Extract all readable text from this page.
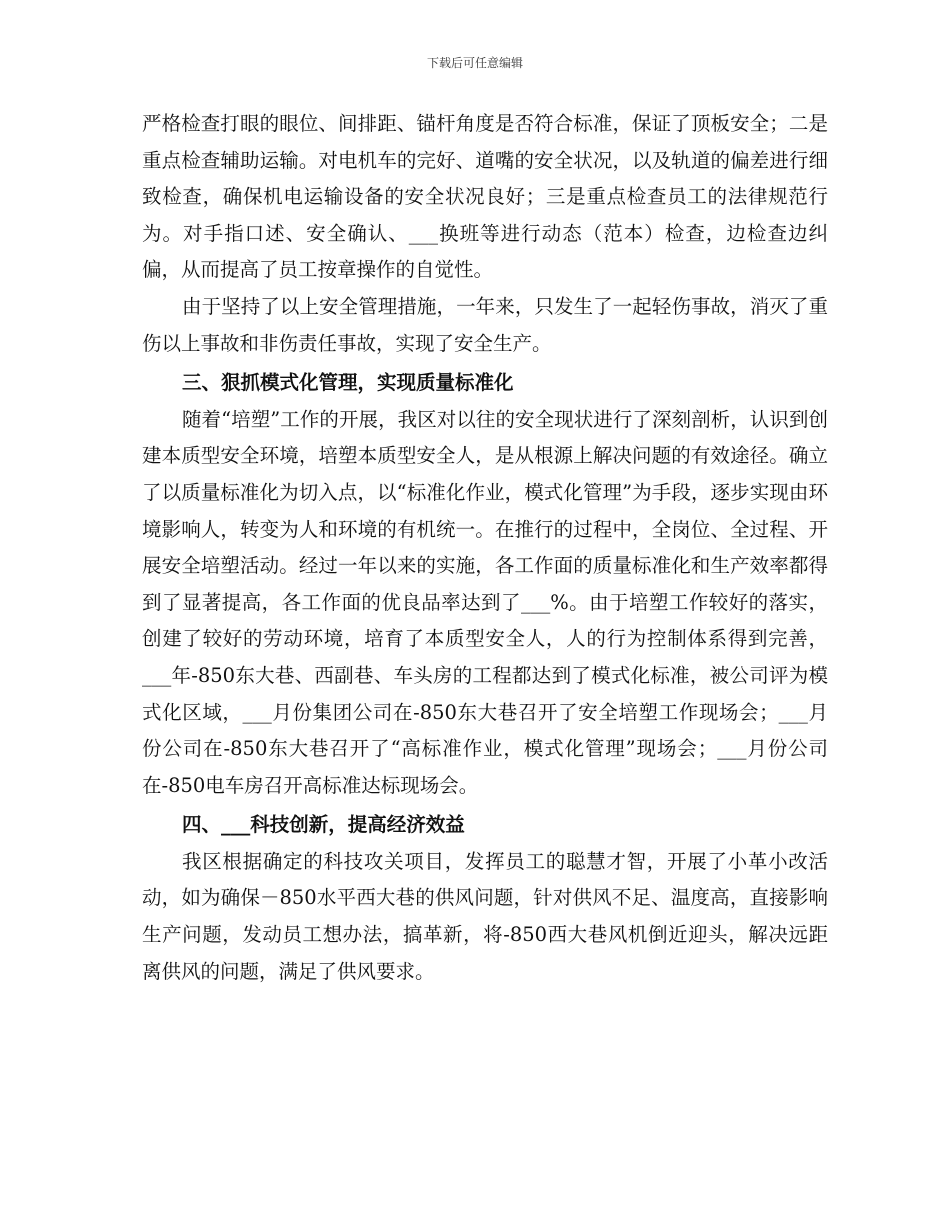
下载后可任意编辑

严格检查打眼的眼位、间排距、锚杆角度是否符合标准，保证了顶板安全；二是重点检查辅助运输。对电机车的完好、道嘴的安全状况，以及轨道的偏差进行细致检查，确保机电运输设备的安全状况良好；三是重点检查员工的法律规范行为。对手指口述、安全确认、___换班等进行动态（范本）检查，边检查边纠偏，从而提高了员工按章操作的自觉性。

由于坚持了以上安全管理措施，一年来，只发生了一起轻伤事故，消灭了重伤以上事故和非伤责任事故，实现了安全生产。

三、狠抓模式化管理，实现质量标准化

随着“培塑”工作的开展，我区对以往的安全现状进行了深刻剖析，认识到创建本质型安全环境，培塑本质型安全人，是从根源上解决问题的有效途径。确立了以质量标准化为切入点，以“标准化作业，模式化管理”为手段，逐步实现由环境影响人，转变为人和环境的有机统一。在推行的过程中，全岗位、全过程、开展安全培塑活动。经过一年以来的实施，各工作面的质量标准化和生产效率都得到了显著提高，各工作面的优良品率达到了___%。由于培塑工作较好的落实，创建了较好的劳动环境，培育了本质型安全人，人的行为控制体系得到完善，___年-850东大巷、西副巷、车头房的工程都达到了模式化标准，被公司评为模式化区域，___月份集团公司在-850东大巷召开了安全培塑工作现场会；___月份公司在-850东大巷召开了“高标准作业，模式化管理”现场会；___月份公司在-850电车房召开高标准达标现场会。

四、___科技创新，提高经济效益

我区根据确定的科技攻关项目，发挥员工的聪慧才智，开展了小革小改活动，如为确保－850水平西大巷的供风问题，针对供风不足、温度高，直接影响生产问题，发动员工想办法，搞革新，将-850西大巷风机倒近迎头，解决远距离供风的问题，满足了供风要求。
